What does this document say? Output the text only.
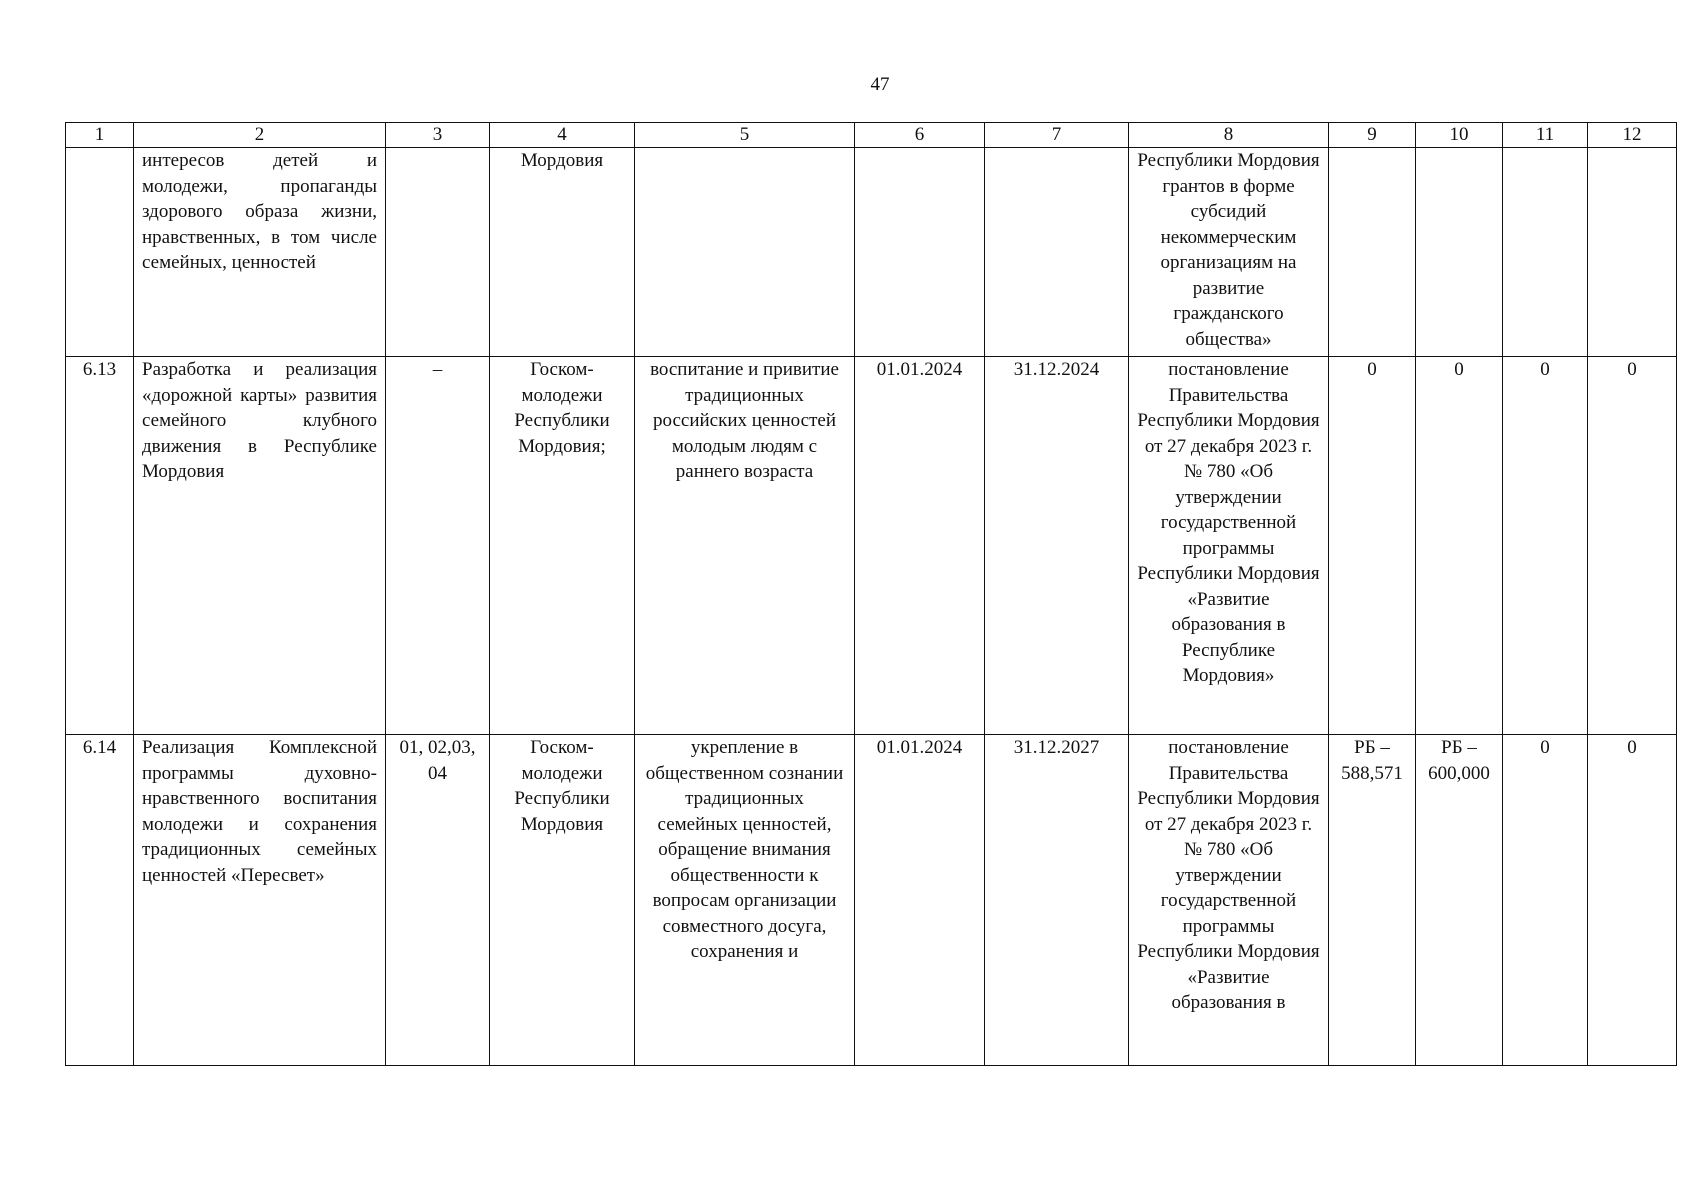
47
1	2	3	4	5	6	7	8	9	10	11	12
	интересов детей и молодежи, пропаганды здорового образа жизни, нравственных, в том числе семейных, ценностей		Мордовия				Республики Мордовия грантов в форме субсидий некоммерческим организациям на развитие гражданского общества»				
6.13	Разработка и реализация «дорожной карты» развития семейного клубного движения в Республике Мордовия	–	Госком-молодежи Республики Мордовия;	воспитание и привитие традиционных российских ценностей молодым людям с раннего возраста	01.01.2024	31.12.2024	постановление Правительства Республики Мордовия от 27 декабря 2023 г. № 780 «Об утверждении государственной программы Республики Мордовия «Развитие образования в Республике Мордовия»	0	0	0	0
6.14	Реализация Комплексной программы духовно-нравственного воспитания молодежи и сохранения традиционных семейных ценностей «Пересвет»	01, 02,03, 04	Госком-молодежи Республики Мордовия	укрепление в общественном сознании традиционных семейных ценностей, обращение внимания общественности к вопросам организации совместного досуга, сохранения и	01.01.2024	31.12.2027	постановление Правительства Республики Мордовия от 27 декабря 2023 г. № 780 «Об утверждении государственной программы Республики Мордовия «Развитие образования в	РБ – 588,571	РБ – 600,000	0	0
